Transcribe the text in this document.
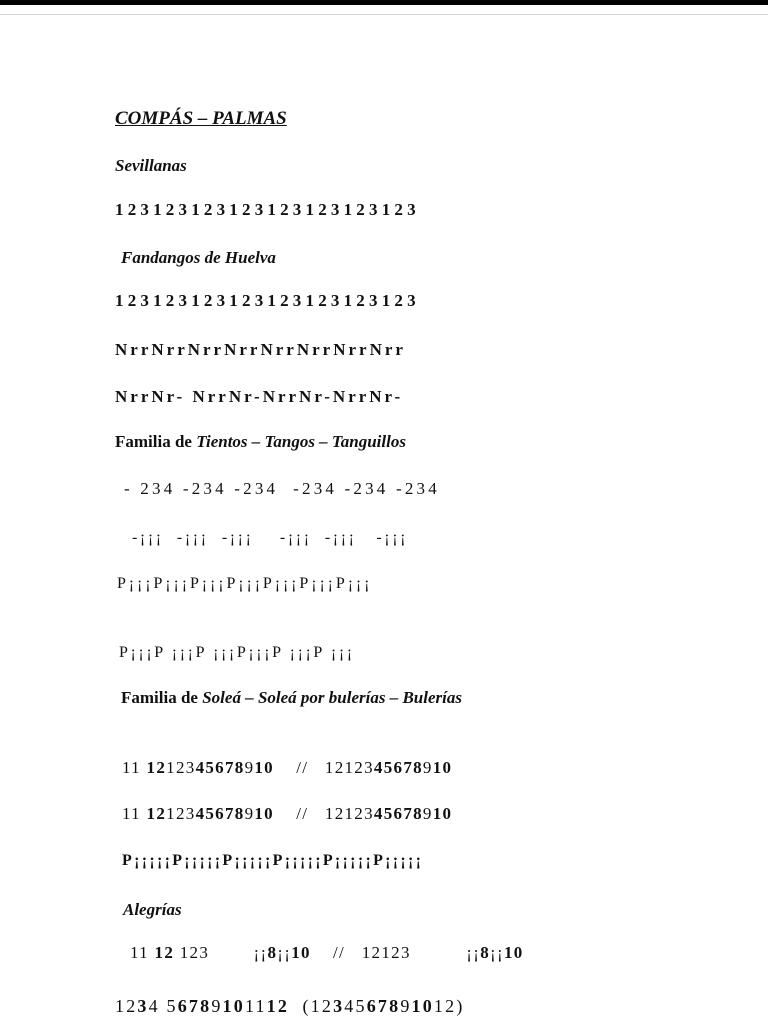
COMPÁS – PALMAS
Sevillanas
123123123123123123123123
Fandangos de Huelva
123123123123123123123123
NrrNrrNrrNrrNrrNrrNrrNrr
NrrNr- NrrNr-NrrNr-NrrNr-
Familia de Tientos – Tangos – Tanguillos
- 234 -234 -234  -234 -234 -234
-¡¡¡  -¡¡¡  -¡¡¡    -¡¡¡  -¡¡¡   -¡¡¡
P¡¡¡P¡¡¡P¡¡¡P¡¡¡P¡¡¡P¡¡¡P¡¡¡
P¡¡¡P ¡¡¡P ¡¡¡P¡¡¡P ¡¡¡P ¡¡¡
Familia de Soleá – Soleá por bulerías – Bulerías
11 1212345678910 // 1212345678910
11 1212345678910 // 1212345678910
P¡¡¡¡¡P¡¡¡¡¡P¡¡¡¡¡P¡¡¡¡¡P¡¡¡¡¡P¡¡¡¡¡
Alegrías
11 12 123	¡¡8¡¡10 // 12123	¡¡8¡¡10
1234 56789101112 (1234567891012)
